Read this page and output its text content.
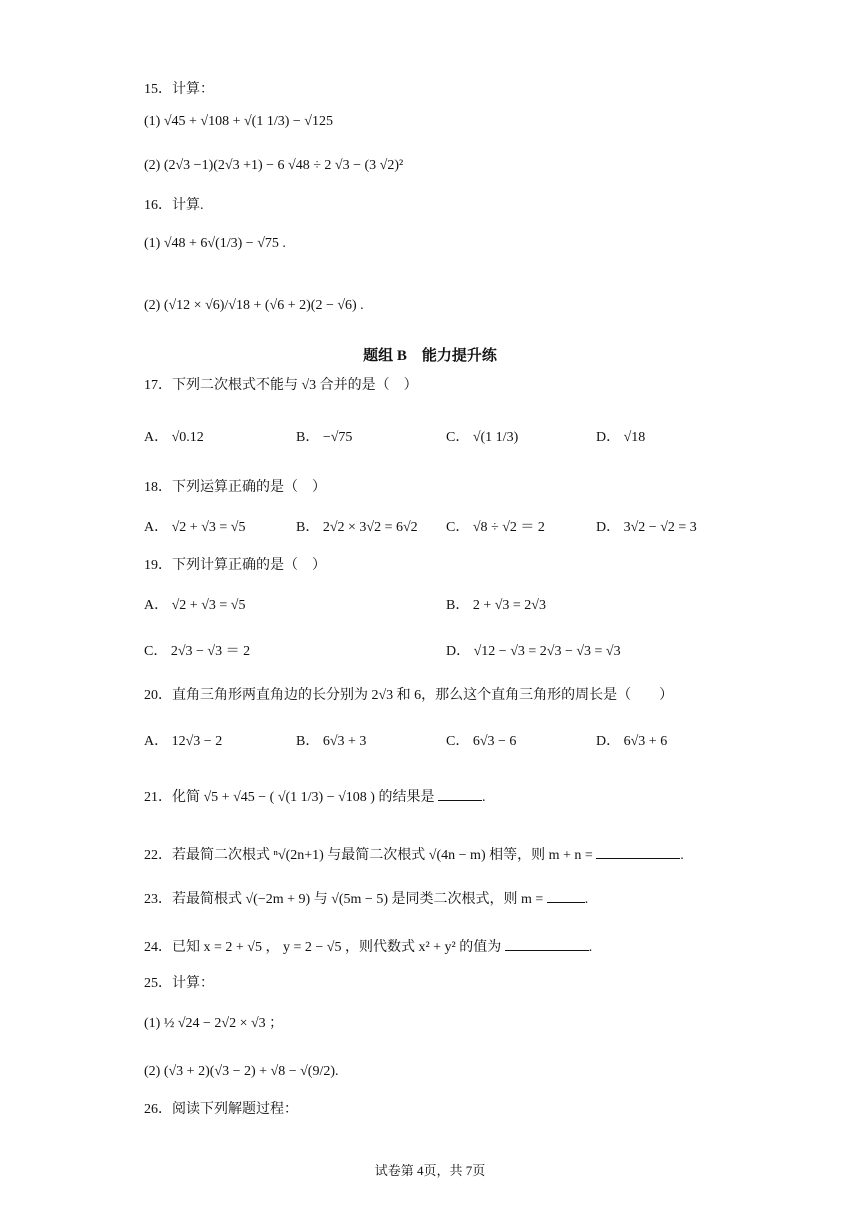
15．计算：
(1) √45 + √108 + √(1 1/3) − √125
(2) (2√3 −1)(2√3 +1) − 6 √48 ÷ 2 √3 − (3 √2)²
16．计算.
(1) √48 + 6√(1/3) − √75 .
(2) (√12 × √6)/√18 + (√6 + 2)(2 − √6) .
题组 B　能力提升练
17．下列二次根式不能与 √3 合并的是（　）
A． √0.12	B． −√75	C． √(1 1/3)	D． √18
18．下列运算正确的是（　）
A． √2 + √3 = √5	B． 2√2 × 3√2 = 6√2 C． √8 ÷ √2 ＝ 2	D． 3√2 − √2 = 3
19．下列计算正确的是（　）
A． √2 + √3 = √5	B． 2 + √3 = 2√3
C． 2√3 − √3 ＝ 2	D． √12 − √3 = 2√3 − √3 = √3
20．直角三角形两直角边的长分别为 2√3 和 6，那么这个直角三角形的周长是（　　）
A． 12√3 − 2	B． 6√3 + 3	C． 6√3 − 6	D． 6√3 + 6
21．化简 √5 + √45 − ( √(1 1/3) − √108 ) 的结果是	.
22．若最简二次根式 ⁿ√(2n+1) 与最简二次根式 √(4n − m) 相等，则 m + n =	.
23．若最简根式 √(−2m + 9) 与 √(5m − 5) 是同类二次根式，则 m =	.
24．已知 x = 2 + √5 ， y = 2 − √5 ，则代数式 x² + y² 的值为	.
25．计算：
(1) ½ √24 − 2√2 × √3 ；
(2) (√3 + 2)(√3 − 2) + √8 − √(9/2).
26．阅读下列解题过程：
试卷第 4页，共 7页
